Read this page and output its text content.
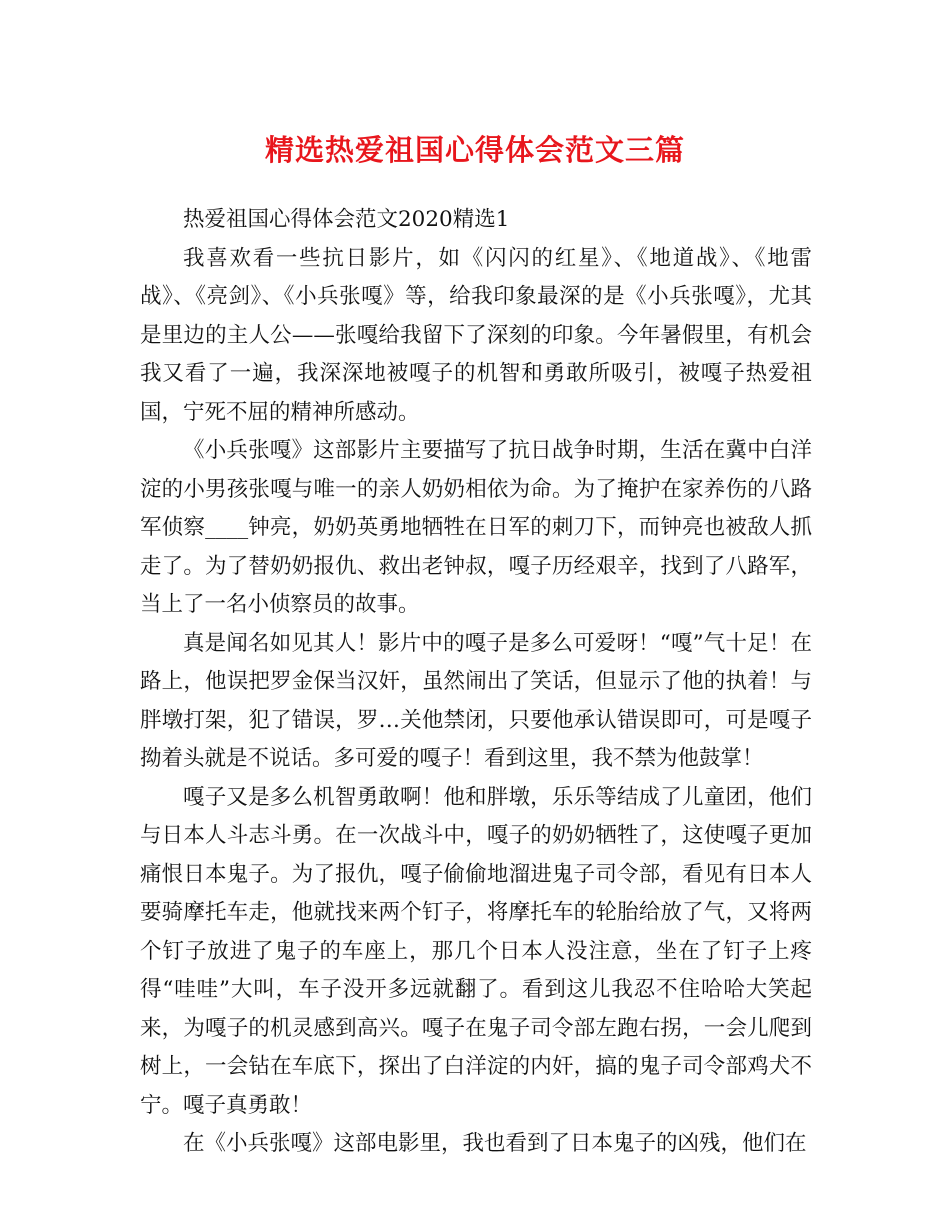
精选热爱祖国心得体会范文三篇

热爱祖国心得体会范文2020精选1

我喜欢看一些抗日影片，如《闪闪的红星》、《地道战》、《地雷战》、《亮剑》、《小兵张嘎》等，给我印象最深的是《小兵张嘎》，尤其是里边的主人公——张嘎给我留下了深刻的印象。今年暑假里，有机会我又看了一遍，我深深地被嘎子的机智和勇敢所吸引，被嘎子热爱祖国，宁死不屈的精神所感动。

《小兵张嘎》这部影片主要描写了抗日战争时期，生活在冀中白洋淀的小男孩张嘎与唯一的亲人奶奶相依为命。为了掩护在家养伤的八路军侦察____钟亮，奶奶英勇地牺牲在日军的刺刀下，而钟亮也被敌人抓走了。为了替奶奶报仇、救出老钟叔，嘎子历经艰辛，找到了八路军，当上了一名小侦察员的故事。

真是闻名如见其人！影片中的嘎子是多么可爱呀！“嘎”气十足！在路上，他误把罗金保当汉奸，虽然闹出了笑话，但显示了他的执着！与胖墩打架，犯了错误，罗…关他禁闭，只要他承认错误即可，可是嘎子拗着头就是不说话。多可爱的嘎子！看到这里，我不禁为他鼓掌！

嘎子又是多么机智勇敢啊！他和胖墩，乐乐等结成了儿童团，他们与日本人斗志斗勇。在一次战斗中，嘎子的奶奶牺牲了，这使嘎子更加痛恨日本鬼子。为了报仇，嘎子偷偷地溜进鬼子司令部，看见有日本人要骑摩托车走，他就找来两个钉子，将摩托车的轮胎给放了气，又将两个钉子放进了鬼子的车座上，那几个日本人没注意，坐在了钉子上疼得“哇哇”大叫，车子没开多远就翻了。看到这儿我忍不住哈哈大笑起来，为嘎子的机灵感到高兴。嘎子在鬼子司令部左跑右拐，一会儿爬到树上，一会钻在车底下，探出了白洋淀的内奸，搞的鬼子司令部鸡犬不宁。嘎子真勇敢！

在《小兵张嘎》这部电影里，我也看到了日本鬼子的凶残，他们在
